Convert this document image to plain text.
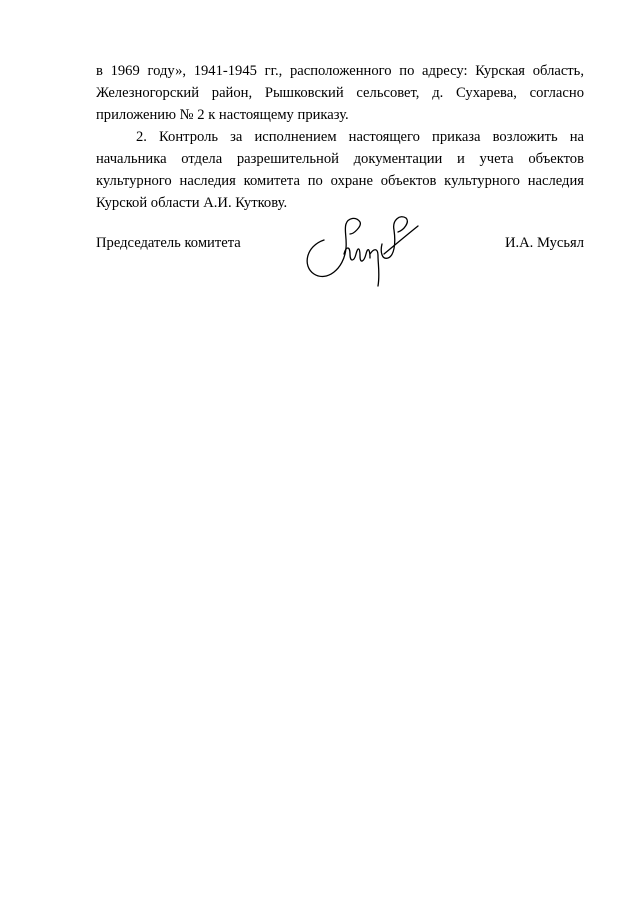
в 1969 году», 1941-1945 гг., расположенного по адресу: Курская область, Железногорский район, Рышковский сельсовет, д. Сухарева, согласно приложению № 2 к настоящему приказу.

2. Контроль за исполнением настоящего приказа возложить на начальника отдела разрешительной документации и учета объектов культурного наследия комитета по охране объектов культурного наследия Курской области А.И. Куткову.

Председатель комитета	И.А. Мусьял
